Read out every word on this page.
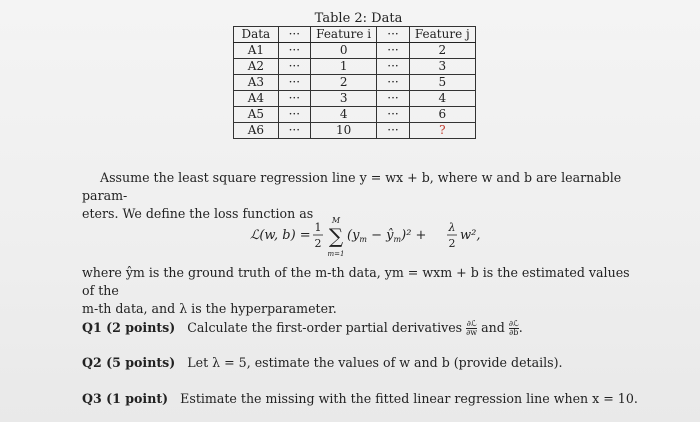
Table 2: Data
Data	···	Feature i	···	Feature j
A1	···	0	···	2
A2	···	1	···	3
A3	···	2	···	5
A4	···	3	···	4
A5	···	4	···	6
A6	···	10	···	?
Assume the least square regression line y = wx + b, where w and b are learnable param-
eters. We define the loss function as
ℒ(w, b) =
1
2
M
∑
m=1
($y_m$ − $ŷ_m)^2$ +
λ
2
w²,
where ŷm is the ground truth of the m-th data, ym = wxm + b is the estimated values of the
m-th data, and λ is the hyperparameter.
Q1 (2 points) Calculate the first-order partial derivatives $\frac{\text{∂ℒ}}{\partial w}$ and $\frac{\text{∂ℒ}}{\partial b}$ .
Q2 (5 points) Let λ = 5, estimate the values of w and b (provide details).
Q3 (1 point) Estimate the missing with the fitted linear regression line when x = 10.
